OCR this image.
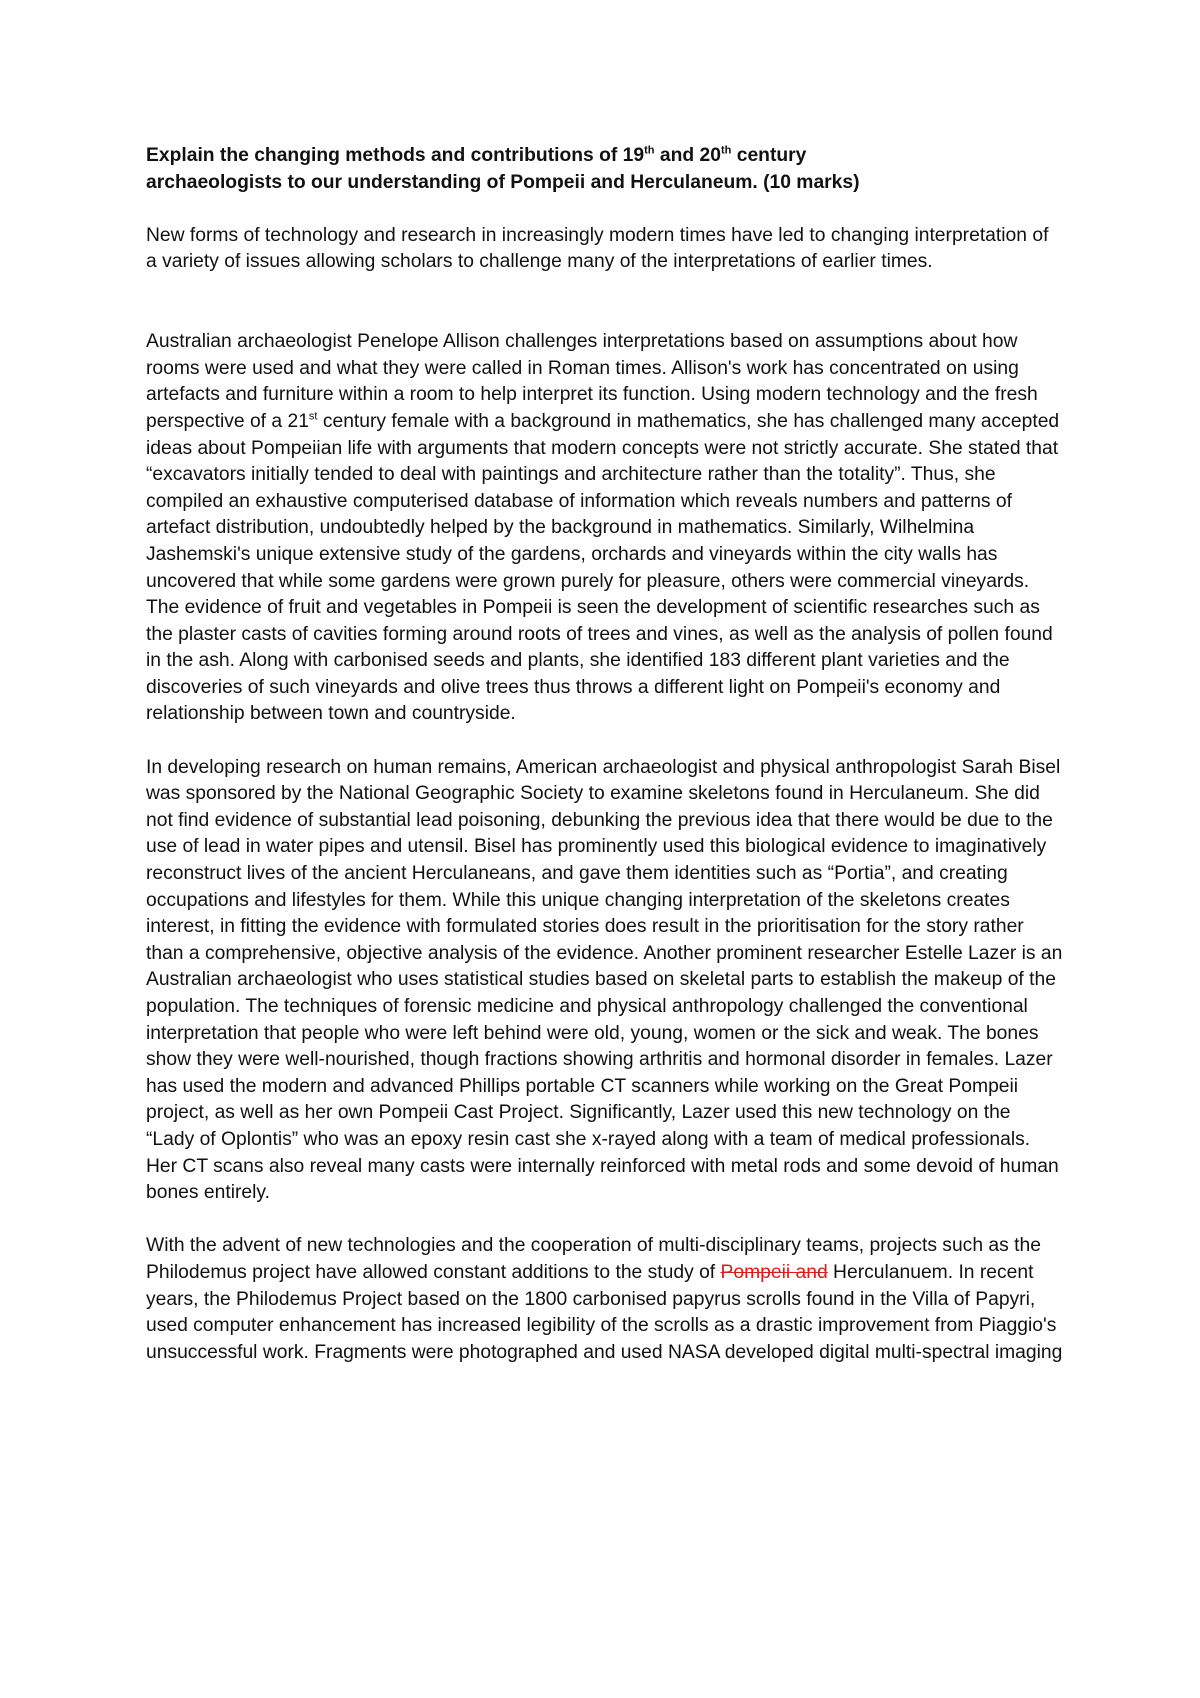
Explain the changing methods and contributions of 19th and 20th century
archaeologists to our understanding of Pompeii and Herculaneum. (10 marks)

New forms of technology and research in increasingly modern times have led to changing interpretation of a variety of issues allowing scholars to challenge many of the interpretations of earlier times.

Australian archaeologist Penelope Allison challenges interpretations based on assumptions about how rooms were used and what they were called in Roman times. Allison's work has concentrated on using artefacts and furniture within a room to help interpret its function. Using modern technology and the fresh perspective of a 21st century female with a background in mathematics, she has challenged many accepted ideas about Pompeiian life with arguments that modern concepts were not strictly accurate. She stated that “excavators initially tended to deal with paintings and architecture rather than the totality”. Thus, she compiled an exhaustive computerised database of information which reveals numbers and patterns of artefact distribution, undoubtedly helped by the background in mathematics. Similarly, Wilhelmina Jashemski's unique extensive study of the gardens, orchards and vineyards within the city walls has uncovered that while some gardens were grown purely for pleasure, others were commercial vineyards. The evidence of fruit and vegetables in Pompeii is seen the development of scientific researches such as the plaster casts of cavities forming around roots of trees and vines, as well as the analysis of pollen found in the ash. Along with carbonised seeds and plants, she identified 183 different plant varieties and the discoveries of such vineyards and olive trees thus throws a different light on Pompeii's economy and relationship between town and countryside.

In developing research on human remains, American archaeologist and physical anthropologist Sarah Bisel was sponsored by the National Geographic Society to examine skeletons found in Herculaneum. She did not find evidence of substantial lead poisoning, debunking the previous idea that there would be due to the use of lead in water pipes and utensil. Bisel has prominently used this biological evidence to imaginatively reconstruct lives of the ancient Herculaneans, and gave them identities such as “Portia”, and creating occupations and lifestyles for them. While this unique changing interpretation of the skeletons creates interest, in fitting the evidence with formulated stories does result in the prioritisation for the story rather than a comprehensive, objective analysis of the evidence. Another prominent researcher Estelle Lazer is an Australian archaeologist who uses statistical studies based on skeletal parts to establish the makeup of the population. The techniques of forensic medicine and physical anthropology challenged the conventional interpretation that people who were left behind were old, young, women or the sick and weak. The bones show they were well-nourished, though fractions showing arthritis and hormonal disorder in females. Lazer has used the modern and advanced Phillips portable CT scanners while working on the Great Pompeii project, as well as her own Pompeii Cast Project. Significantly, Lazer used this new technology on the “Lady of Oplontis” who was an epoxy resin cast she x-rayed along with a team of medical professionals. Her CT scans also reveal many casts were internally reinforced with metal rods and some devoid of human bones entirely.

With the advent of new technologies and the cooperation of multi-disciplinary teams, projects such as the Philodemus project have allowed constant additions to the study of Pompeii and Herculanuem. In recent years, the Philodemus Project based on the 1800 carbonised papyrus scrolls found in the Villa of Papyri, used computer enhancement has increased legibility of the scrolls as a drastic improvement from Piaggio's unsuccessful work. Fragments were photographed and used NASA developed digital multi-spectral imaging
